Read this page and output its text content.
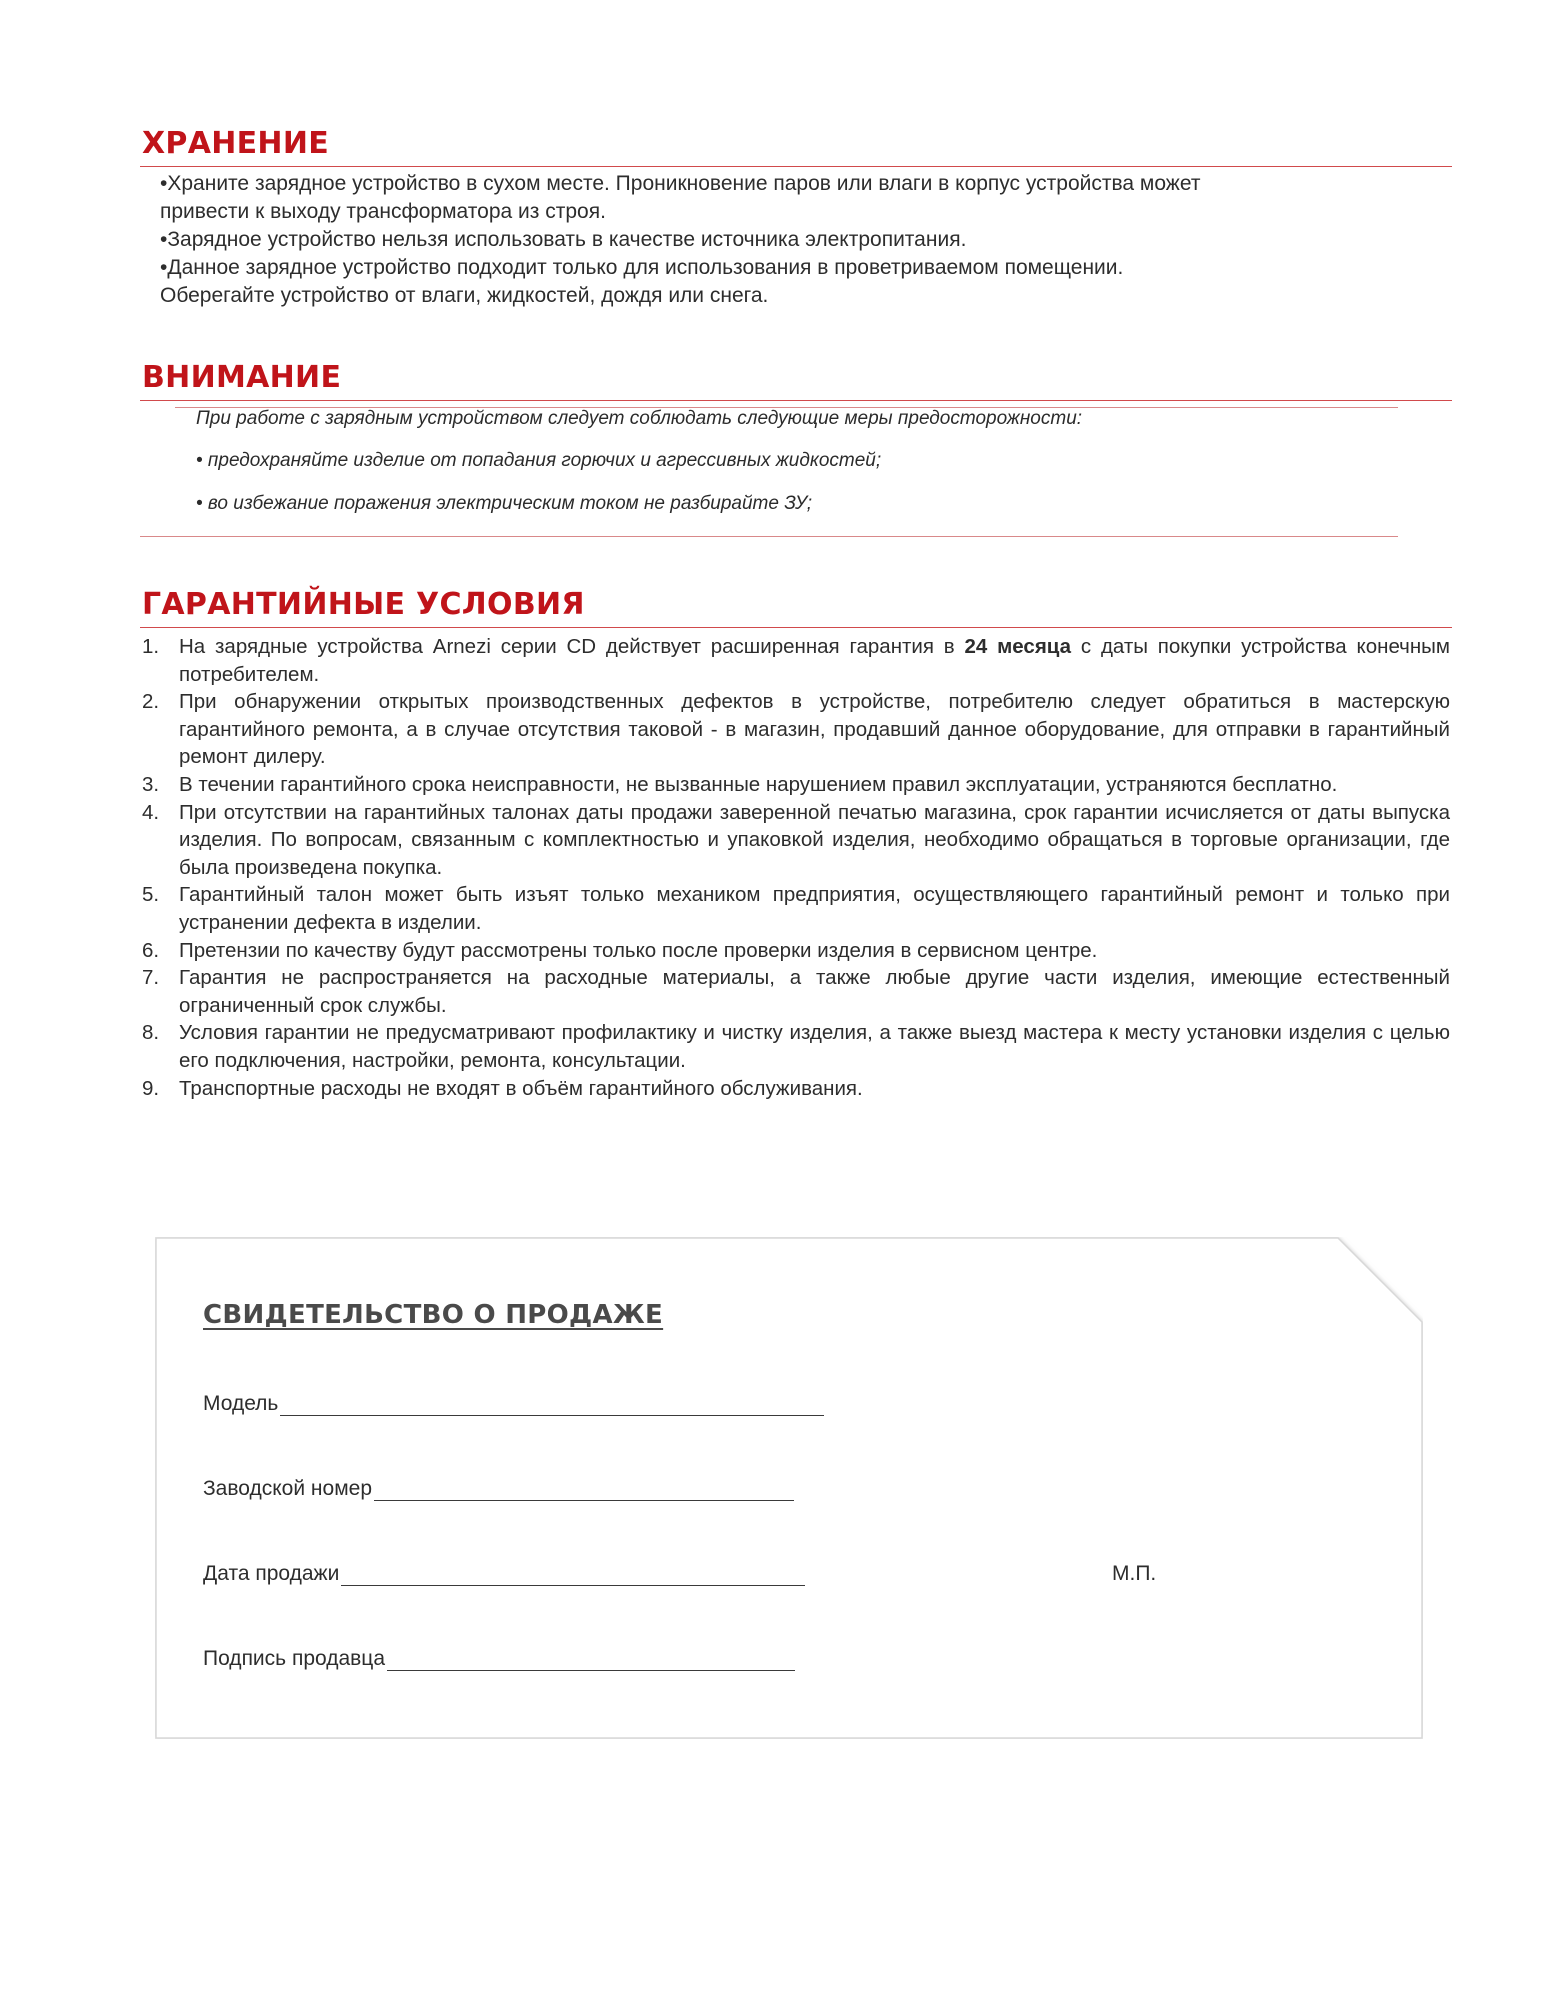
ХРАНЕНИЕ

•Храните зарядное устройство в сухом месте. Проникновение паров или влаги в корпус устройства может привести к выходу трансформатора из строя.

•Зарядное устройство нельзя использовать в качестве источника электропитания.

•Данное зарядное устройство подходит только для использования в проветриваемом помещении. Оберегайте устройство от влаги, жидкостей, дождя или снега.

ВНИМАНИЕ

При работе с зарядным устройством следует соблюдать следующие меры предосторожности:

• предохраняйте изделие от попадания горючих и агрессивных жидкостей;

• во избежание поражения электрическим током не разбирайте ЗУ;

ГАРАНТИЙНЫЕ УСЛОВИЯ
1. На зарядные устройства Arnezi серии CD действует расширенная гарантия в 24 месяца с даты покупки устройства конечным потребителем.
2. При обнаружении открытых производственных дефектов в устройстве, потребителю следует обратиться в мастерскую гарантийного ремонта, а в случае отсутствия таковой - в магазин, продавший данное оборудование, для отправки в гарантийный ремонт дилеру.
3. В течении гарантийного срока неисправности, не вызванные нарушением правил эксплуатации, устраняются бесплатно.
4. При отсутствии на гарантийных талонах даты продажи заверенной печатью магазина, срок гарантии исчисляется от даты выпуска изделия. По вопросам, связанным с комплектностью и упаковкой изделия, необходимо обращаться в торговые организации, где была произведена покупка.
5. Гарантийный талон может быть изъят только механиком предприятия, осуществляющего гарантийный ремонт и только при устранении дефекта в изделии.
6. Претензии по качеству будут рассмотрены только после проверки изделия в сервисном центре.
7. Гарантия не распространяется на расходные материалы, а также любые другие части изделия, имеющие естественный ограниченный срок службы.
8. Условия гарантии не предусматривают профилактику и чистку изделия, а также выезд мастера к месту установки изделия с целью его подключения, настройки, ремонта, консультации.
9. Транспортные расходы не входят в объём гарантийного обслуживания.
СВИДЕТЕЛЬСТВО О ПРОДАЖЕ
Модель
Заводской номер
Дата продажи	М.П.
Подпись продавца
